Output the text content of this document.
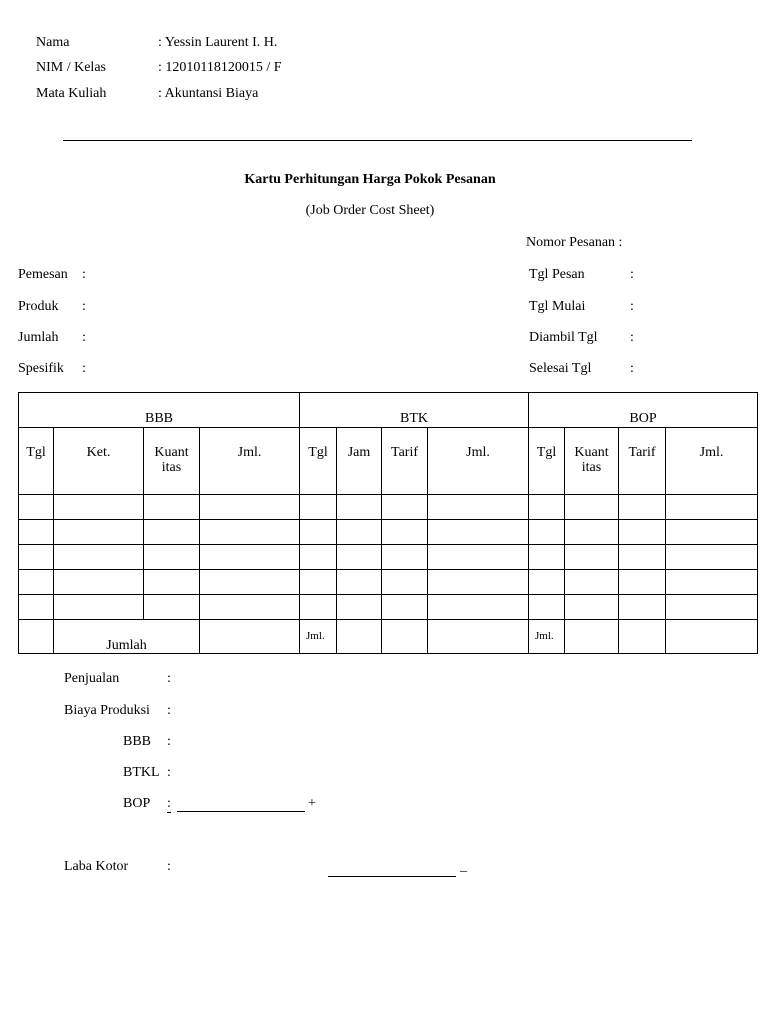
Nama	: Yessin Laurent I. H.
NIM / Kelas	: 12010118120015 / F
Mata Kuliah	: Akuntansi Biaya
Kartu Perhitungan Harga Pokok Pesanan
(Job Order Cost Sheet)
Nomor Pesanan :
Pemesan :
Produk :
Jumlah :
Spesifik :
Tgl Pesan	:
Tgl Mulai	:
Diambil Tgl :
Selesai Tgl	:
BBB				BTK				BOP			
Tgl	Ket.	Kuant itas	Jml.	Tgl	Jam	Tarif	Jml.	Tgl	Kuant itas	Tarif	Jml.

	Jumlah			Jml.				Jml.			
Penjualan	:
Biaya Produksi :
BBB :
BTKL :
BOP :	+
Laba Kotor	:	_
